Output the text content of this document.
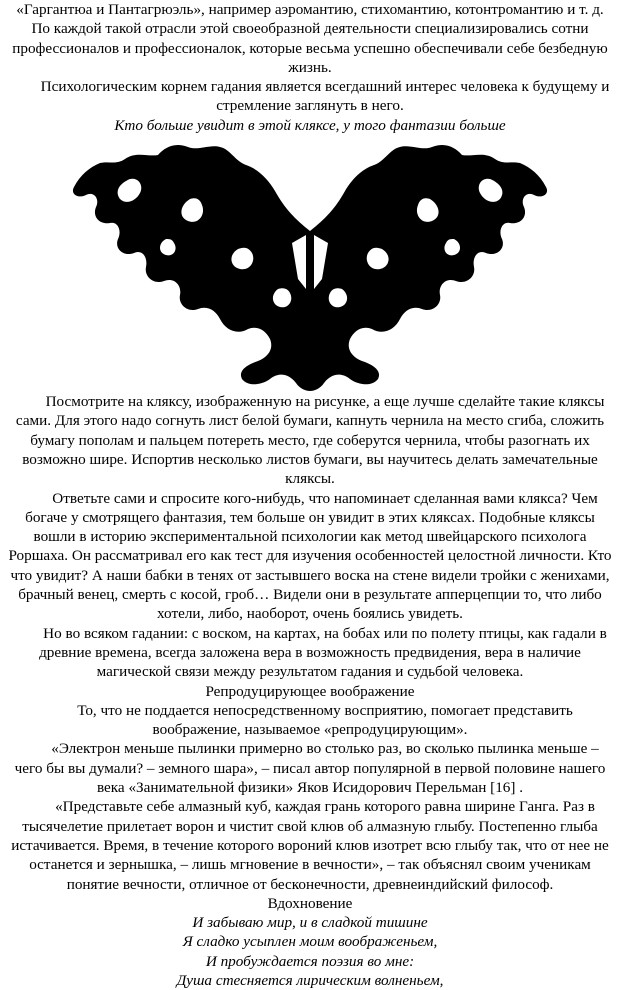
«Гаргантюа и Пантагрюэль», например аэромантию, стихомантию, котонтромантию и т. д. По каждой такой отрасли этой своеобразной деятельности специализировались сотни профессионалов и профессионалок, которые весьма успешно обеспечивали себе безбедную жизнь.

Психологическим корнем гадания является всегдашний интерес человека к будущему и стремление заглянуть в него.

Кто больше увидит в этой кляксе, у того фантазии больше

Посмотрите на кляксу, изображенную на рисунке, а еще лучше сделайте такие кляксы сами. Для этого надо согнуть лист белой бумаги, капнуть чернила на место сгиба, сложить бумагу пополам и пальцем потереть место, где соберутся чернила, чтобы разогнать их возможно шире. Испортив несколько листов бумаги, вы научитесь делать замечательные кляксы.

Ответьте сами и спросите кого-нибудь, что напоминает сделанная вами клякса? Чем богаче у смотрящего фантазия, тем больше он увидит в этих кляксах. Подобные кляксы вошли в историю экспериментальной психологии как метод швейцарского психолога Роршаха. Он рассматривал его как тест для изучения особенностей целостной личности. Кто что увидит? А наши бабки в тенях от застывшего воска на стене видели тройки с женихами, брачный венец, смерть с косой, гроб… Видели они в результате апперцепции то, что либо хотели, либо, наоборот, очень боялись увидеть.

Но во всяком гадании: с воском, на картах, на бобах или по полету птицы, как гадали в древние времена, всегда заложена вера в возможность предвидения, вера в наличие магической связи между результатом гадания и судьбой человека.

Репродуцирующее воображение

То, что не поддается непосредственному восприятию, помогает представить воображение, называемое «репродуцирующим».

«Электрон меньше пылинки примерно во столько раз, во сколько пылинка меньше – чего бы вы думали? – земного шара», – писал автор популярной в первой половине нашего века «Занимательной физики» Яков Исидорович Перельман [16] .

«Представьте себе алмазный куб, каждая грань которого равна ширине Ганга. Раз в тысячелетие прилетает ворон и чистит свой клюв об алмазную глыбу. Постепенно глыба истачивается. Время, в течение которого вороний клюв изотрет всю глыбу так, что от нее не останется и зернышка, – лишь мгновение в вечности», – так объяснял своим ученикам понятие вечности, отличное от бесконечности, древнеиндийский философ.

Вдохновение

И забываю мир, и в сладкой тишине

Я сладко усыплен моим воображеньем,

И пробуждается поэзия во мне:

Душа стесняется лирическим волненьем,
